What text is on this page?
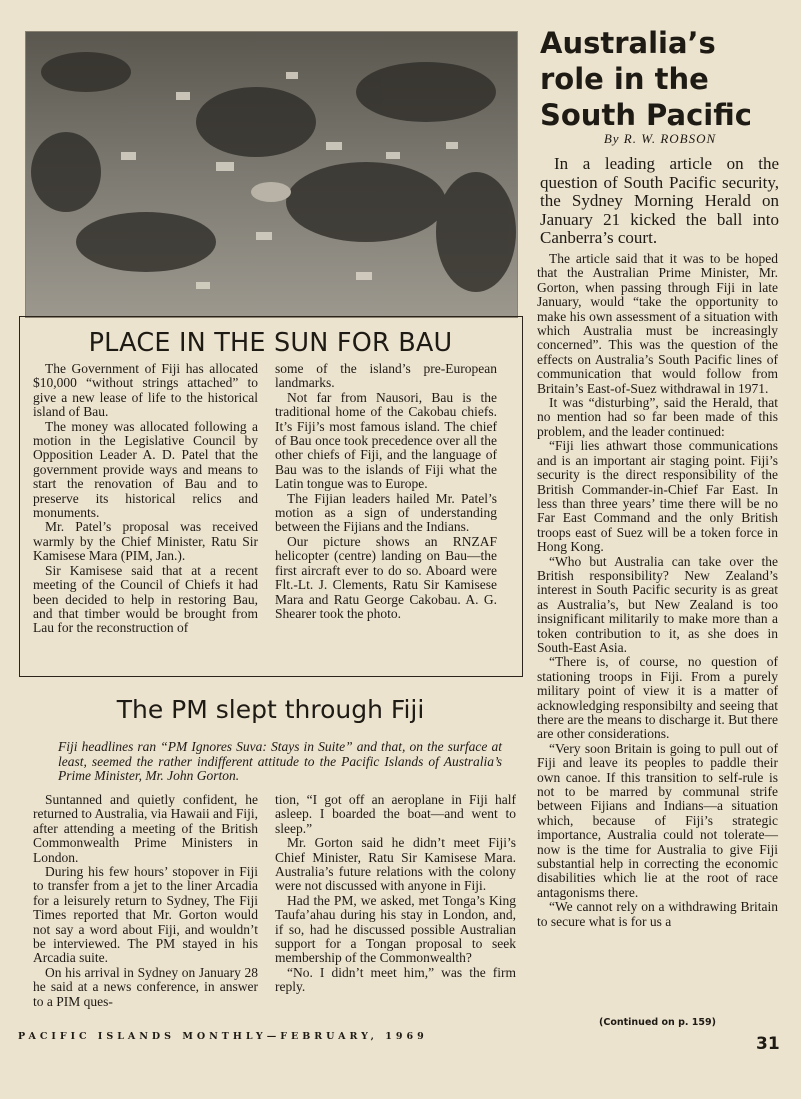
PLACE IN THE SUN FOR BAU

The Government of Fiji has allocated $10,000 “without strings attached” to give a new lease of life to the historical island of Bau.

The money was allocated following a motion in the Legislative Council by Opposition Leader A. D. Patel that the government provide ways and means to start the renovation of Bau and to preserve its historical relics and monuments.

Mr. Patel’s proposal was received warmly by the Chief Minister, Ratu Sir Kamisese Mara (PIM, Jan.).

Sir Kamisese said that at a recent meeting of the Council of Chiefs it had been decided to help in restoring Bau, and that timber would be brought from Lau for the reconstruction of

some of the island’s pre-European landmarks.

Not far from Nausori, Bau is the traditional home of the Cakobau chiefs. It’s Fiji’s most famous island. The chief of Bau once took precedence over all the other chiefs of Fiji, and the language of Bau was to the islands of Fiji what the Latin tongue was to Europe.

The Fijian leaders hailed Mr. Patel’s motion as a sign of understanding between the Fijians and the Indians.

Our picture shows an RNZAF helicopter (centre) landing on Bau—the first aircraft ever to do so. Aboard were Flt.-Lt. J. Clements, Ratu Sir Kamisese Mara and Ratu George Cakobau. A. G. Shearer took the photo.

The PM slept through Fiji
Fiji headlines ran “PM Ignores Suva: Stays in Suite” and that, on the surface at least, seemed the rather indifferent attitude to the Pacific Islands of Australia’s Prime Minister, Mr. John Gorton.

Suntanned and quietly confident, he returned to Australia, via Hawaii and Fiji, after attending a meeting of the British Commonwealth Prime Ministers in London.

During his few hours’ stopover in Fiji to transfer from a jet to the liner Arcadia for a leisurely return to Sydney, The Fiji Times reported that Mr. Gorton would not say a word about Fiji, and wouldn’t be interviewed. The PM stayed in his Arcadia suite.

On his arrival in Sydney on January 28 he said at a news conference, in answer to a PIM ques-

tion, “I got off an aeroplane in Fiji half asleep. I boarded the boat—and went to sleep.”

Mr. Gorton said he didn’t meet Fiji’s Chief Minister, Ratu Sir Kamisese Mara. Australia’s future relations with the colony were not discussed with anyone in Fiji.

Had the PM, we asked, met Tonga’s King Taufa’ahau during his stay in London, and, if so, had he discussed possible Australian support for a Tongan proposal to seek membership of the Commonwealth?

“No. I didn’t meet him,” was the firm reply.

Australia’s
role in the
South Pacific
By R. W. ROBSON

In a leading article on the question of South Pacific security, the Sydney Morning Herald on January 21 kicked the ball into Canberra’s court.

The article said that it was to be hoped that the Australian Prime Minister, Mr. Gorton, when passing through Fiji in late January, would “take the opportunity to make his own assessment of a situation with which Australia must be increasingly concerned”. This was the question of the effects on Australia’s South Pacific lines of communication that would follow from Britain’s East-of-Suez withdrawal in 1971.

It was “disturbing”, said the Herald, that no mention had so far been made of this problem, and the leader continued:

“Fiji lies athwart those communications and is an important air staging point. Fiji’s security is the direct responsibility of the British Commander-in-Chief Far East. In less than three years’ time there will be no Far East Command and the only British troops east of Suez will be a token force in Hong Kong.

“Who but Australia can take over the British responsibility? New Zealand’s interest in South Pacific security is as great as Australia’s, but New Zealand is too insignificant militarily to make more than a token contribution to it, as she does in South-East Asia.

“There is, of course, no question of stationing troops in Fiji. From a purely military point of view it is a matter of acknowledging responsibilty and seeing that there are the means to discharge it. But there are other considerations.

“Very soon Britain is going to pull out of Fiji and leave its peoples to paddle their own canoe. If this transition to self-rule is not to be marred by communal strife between Fijians and Indians—a situation which, because of Fiji’s strategic importance, Australia could not tolerate—now is the time for Australia to give Fiji substantial help in correcting the economic disabilities which lie at the root of race antagonisms there.

“We cannot rely on a withdrawing Britain to secure what is for us a

(Continued on p. 159)
PACIFIC ISLANDS MONTHLY—FEBRUARY, 1969	31
